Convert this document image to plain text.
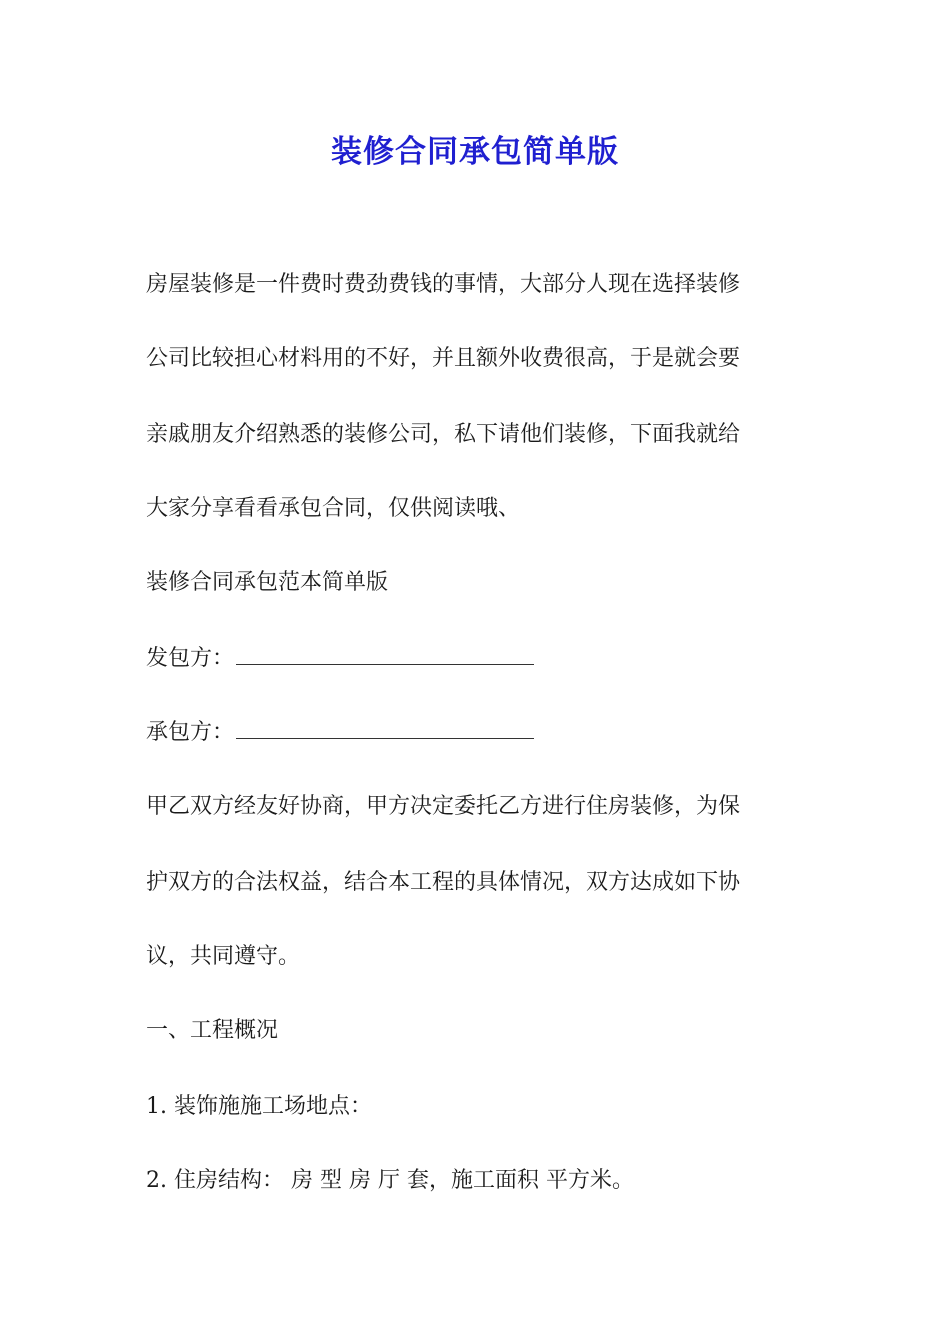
装修合同承包简单版
房屋装修是一件费时费劲费钱的事情，大部分人现在选择装修
公司比较担心材料用的不好，并且额外收费很高，于是就会要
亲戚朋友介绍熟悉的装修公司，私下请他们装修，下面我就给
大家分享看看承包合同，仅供阅读哦、
装修合同承包范本简单版
发包方：
承包方：
甲乙双方经友好协商，甲方决定委托乙方进行住房装修，为保
护双方的合法权益，结合本工程的具体情况，双方达成如下协
议，共同遵守。
一、工程概况
1. 装饰施施工场地点：
2. 住房结构： 房 型 房 厅 套，施工面积 平方米。
